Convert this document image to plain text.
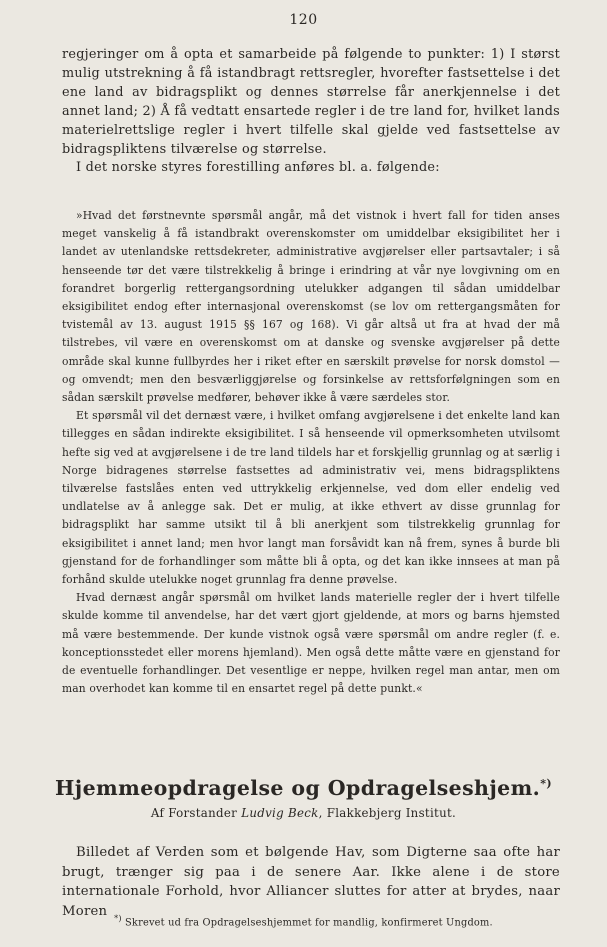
120

regjeringer om å opta et samarbeide på følgende to punkter: 1) I størst mulig utstrekning å få istandbragt rettsregler, hvorefter fastsettelse i det ene land av bidragsplikt og dennes størrelse får anerkjennelse i det annet land; 2) Å få vedtatt ensartede regler i de tre land for, hvilket lands materielrettslige regler i hvert tilfelle skal gjelde ved fastsettelse av bidragspliktens tilværelse og størrelse.

I det norske styres forestilling anføres bl. a. følgende:

»Hvad det førstnevnte spørsmål angår, må det vistnok i hvert fall for tiden anses meget vanskelig å få istandbrakt overenskomster om umiddelbar eksigibilitet her i landet av utenlandske rettsdekreter, administrative avgjørelser eller partsavtaler; i så henseende tør det være tilstrekkelig å bringe i erindring at vår nye lovgivning om en forandret borgerlig rettergangsordning utelukker adgangen til sådan umiddelbar eksigibilitet endog efter internasjonal overenskomst (se lov om rettergangsmåten for tvistemål av 13. august 1915 §§ 167 og 168). Vi går altså ut fra at hvad der må tilstrebes, vil være en overenskomst om at danske og svenske avgjørelser på dette område skal kunne fullbyrdes her i riket efter en særskilt prøvelse for norsk domstol — og omvendt; men den besværliggjørelse og forsinkelse av rettsforfølgningen som en sådan særskilt prøvelse medfører, behøver ikke å være særdeles stor.

Et spørsmål vil det dernæst være, i hvilket omfang avgjørelsene i det enkelte land kan tillegges en sådan indirekte eksigibilitet. I så henseende vil opmerksomheten utvilsomt hefte sig ved at avgjørelsene i de tre land tildels har et forskjellig grunnlag og at særlig i Norge bidragenes størrelse fastsettes ad administrativ vei, mens bidragspliktens tilværelse fastslåes enten ved uttrykkelig erkjennelse, ved dom eller endelig ved undlatelse av å anlegge sak. Det er mulig, at ikke ethvert av disse grunnlag for bidragsplikt har samme utsikt til å bli anerkjent som tilstrekkelig grunnlag for eksigibilitet i annet land; men hvor langt man forsåvidt kan nå frem, synes å burde bli gjenstand for de forhandlinger som måtte bli å opta, og det kan ikke innsees at man på forhånd skulde utelukke noget grunnlag fra denne prøvelse.

Hvad dernæst angår spørsmål om hvilket lands materielle regler der i hvert tilfelle skulde komme til anvendelse, har det vært gjort gjeldende, at mors og barns hjemsted må være bestemmende. Der kunde vistnok også være spørsmål om andre regler (f. e. konceptionsstedet eller morens hjemland). Men også dette måtte være en gjenstand for de eventuelle forhandlinger. Det vesentlige er neppe, hvilken regel man antar, men om man overhodet kan komme til en ensartet regel på dette punkt.«

Hjemmeopdragelse og Opdragelseshjem.*)
Af Forstander Ludvig Beck, Flakkebjerg Institut.

Billedet af Verden som et bølgende Hav, som Digterne saa ofte har brugt, trænger sig paa i de senere Aar. Ikke alene i de store internationale Forhold, hvor Alliancer sluttes for atter at brydes, naar Moren *) Skrevet ud fra Opdragelseshjemmet for mandlig, konfirmeret Ungdom.
